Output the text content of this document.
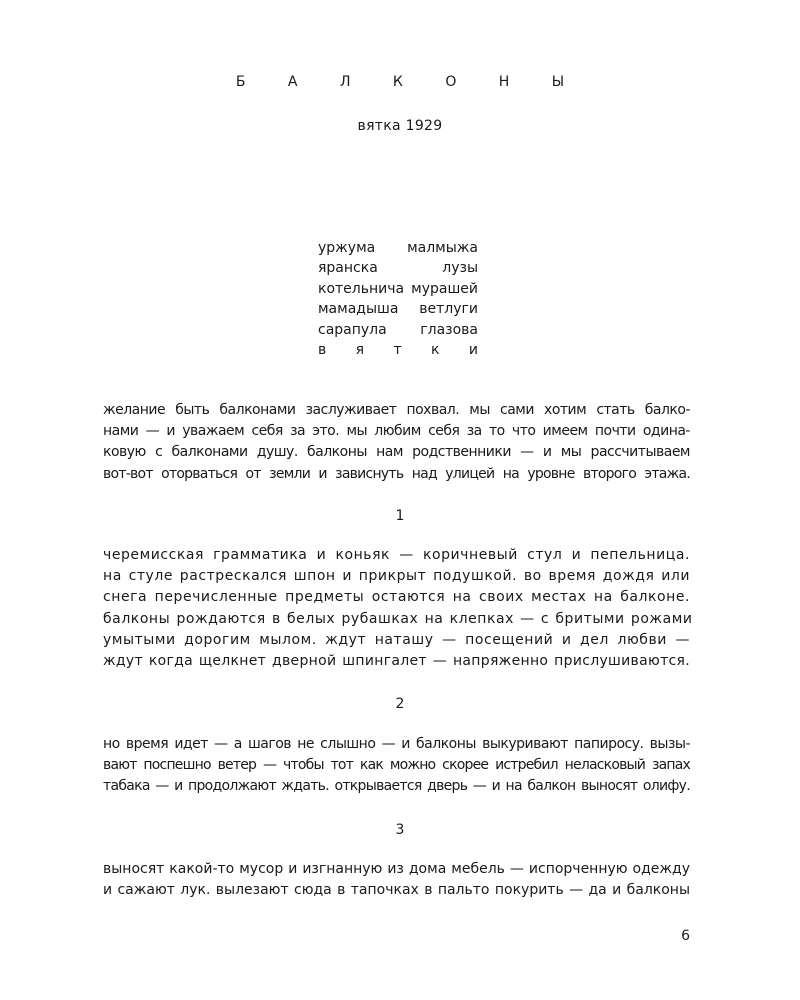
Б А Л К О Н Ы
вятка 1929
уржума малмыжа
яранска	лузы
котельнича мурашей
мамадыша ветлуги
сарапула глазова
в я т к и
желание быть балконами заслуживает похвал. мы сами хотим стать балко-
нами — и уважаем себя за это. мы любим себя за то что имеем почти одина-
ковую с балконами душу. балконы нам родственники — и мы рассчитываем
вот-вот оторваться от земли и зависнуть над улицей на уровне второго этажа.
1
черемисская грамматика и коньяк — коричневый стул и пепельница.
на стуле растрескался шпон и прикрыт подушкой. во время дождя или
снега перечисленные предметы остаются на своих местах на балконе.
балконы рождаются в белых рубашках на клепках — с бритыми рожами
умытыми дорогим мылом. ждут наташу — посещений и дел любви —
ждут когда щелкнет дверной шпингалет — напряженно прислушиваются.
2
но время идет — а шагов не слышно — и балконы выкуривают папиросу. вызы-
вают поспешно ветер — чтобы тот как можно скорее истребил неласковый запах
табака — и продолжают ждать. открывается дверь — и на балкон выносят олифу.
3
выносят какой-то мусор и изгнанную из дома мебель — испорченную одежду
и сажают лук. вылезают сюда в тапочках в пальто покурить — да и балконы
6
